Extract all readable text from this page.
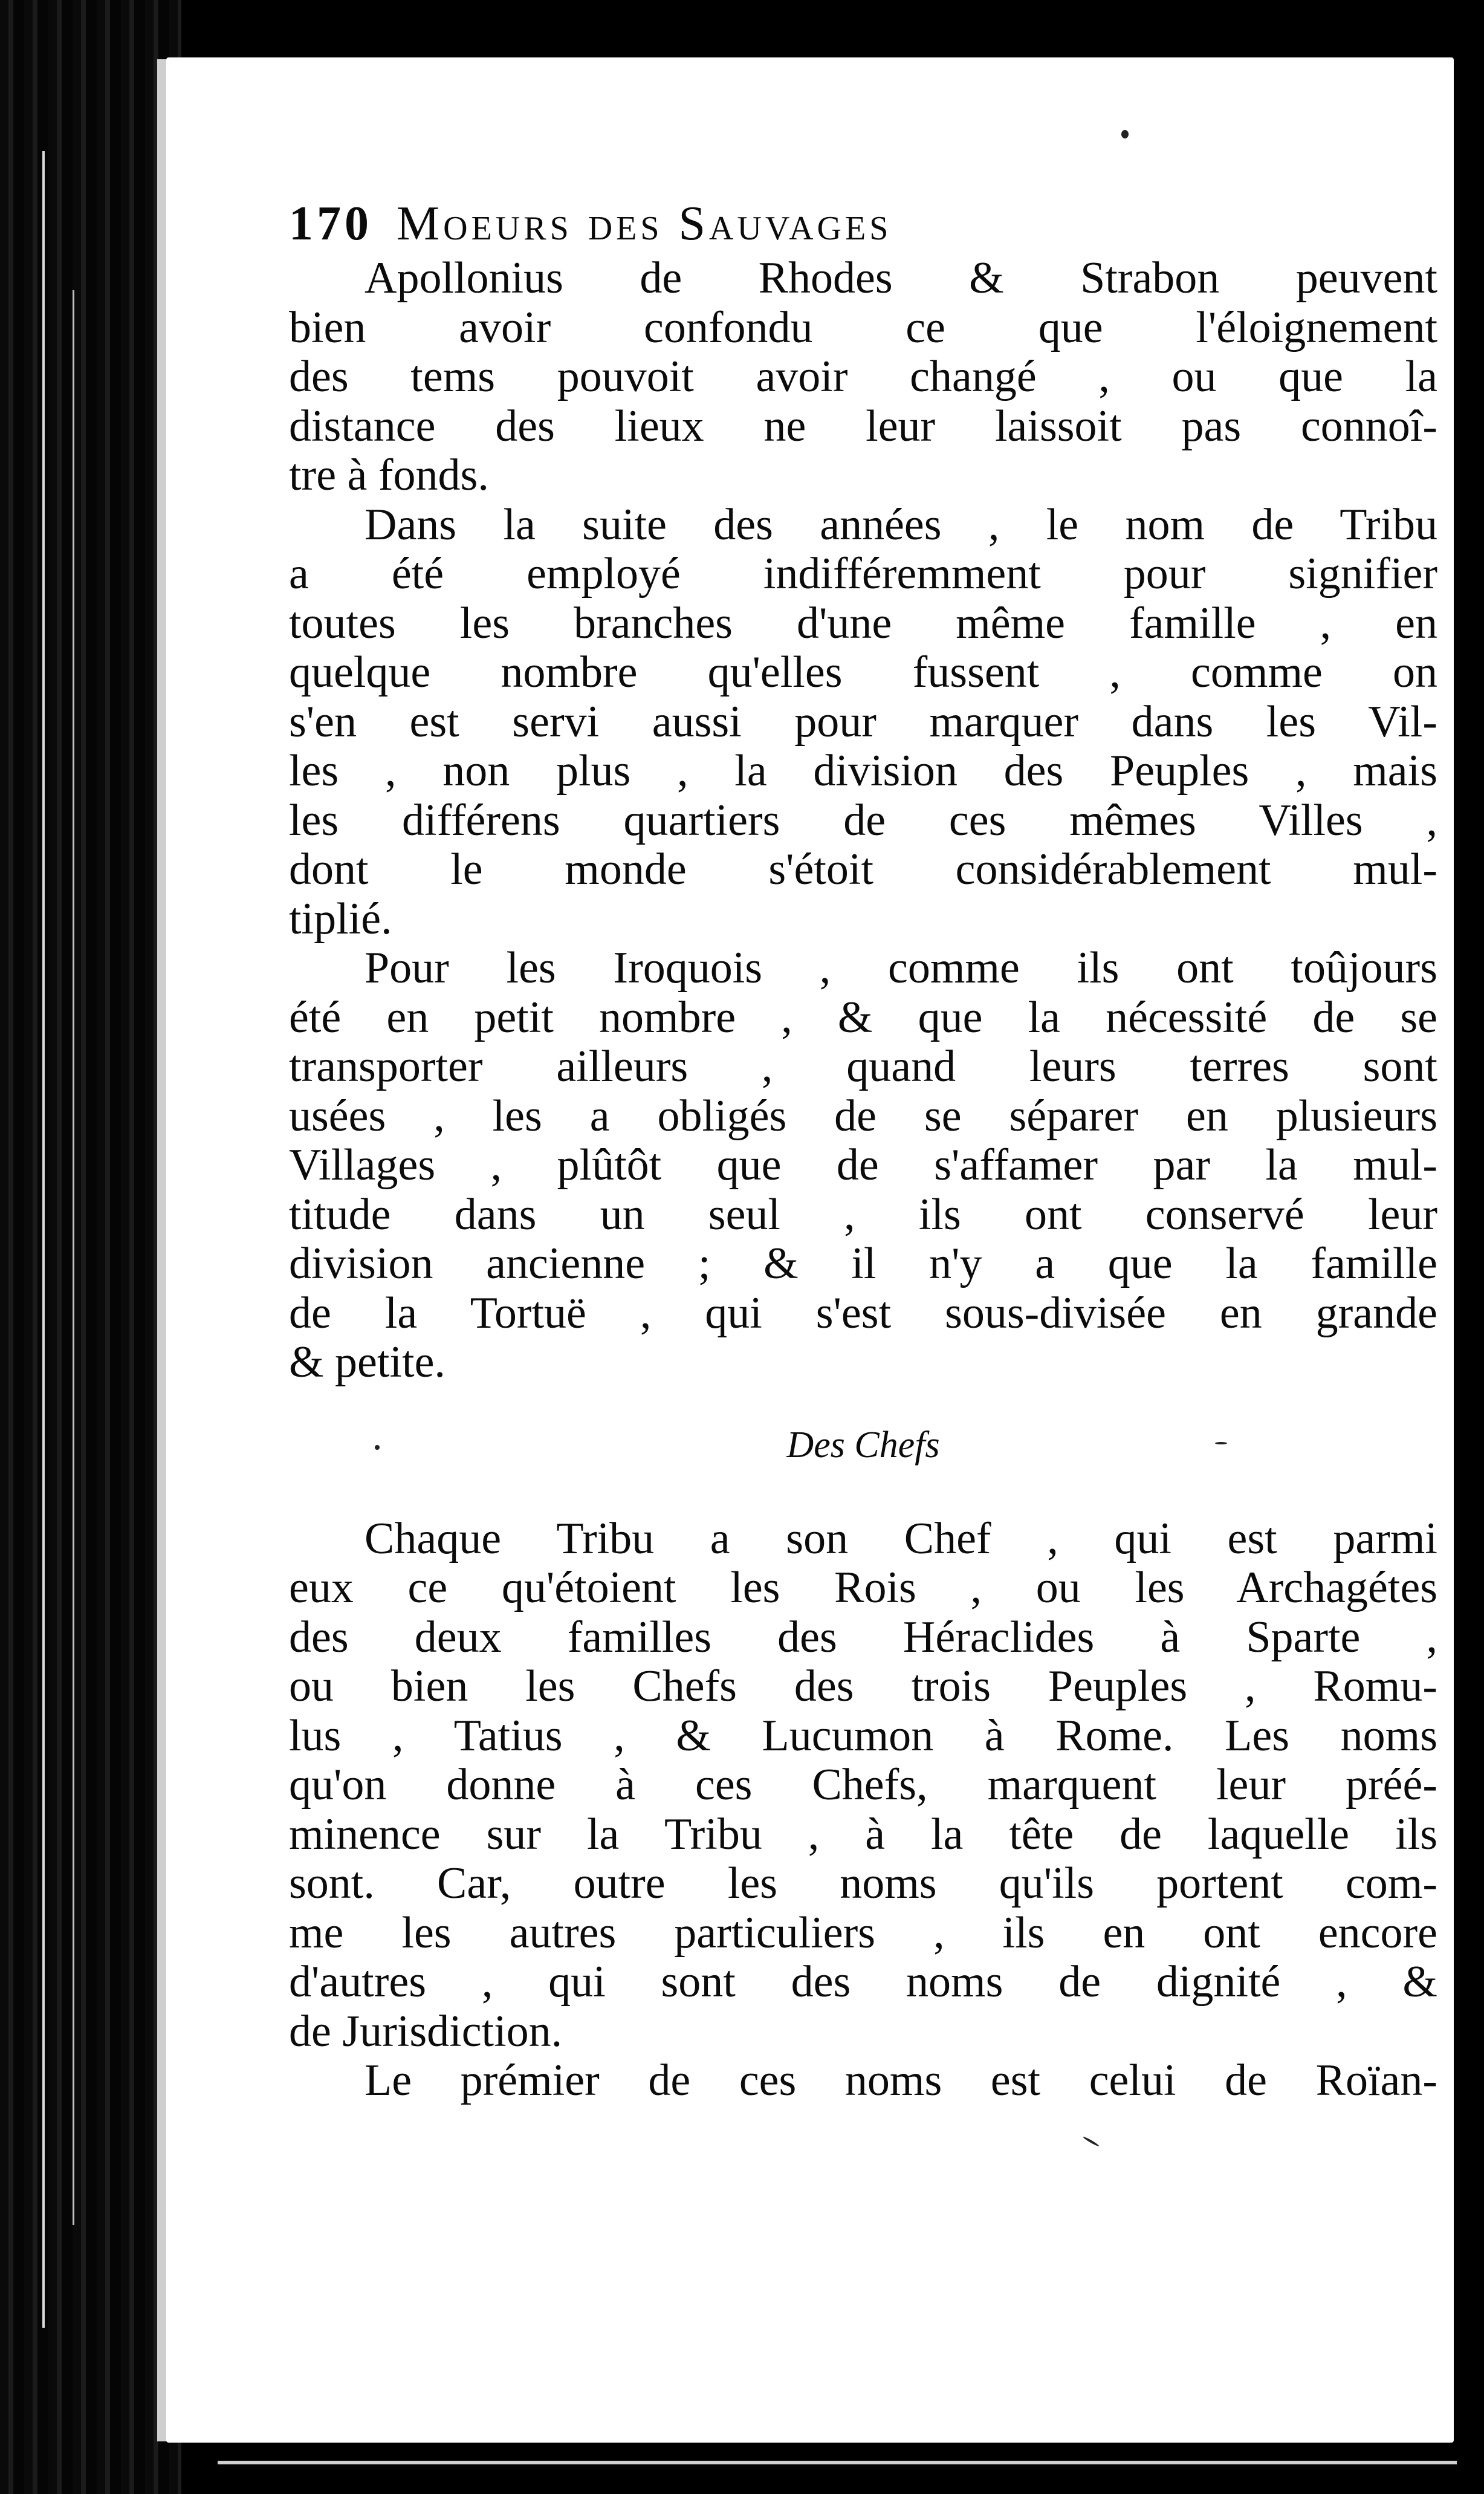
170 Moeurs des Sauvages
Apollonius de Rhodes & Strabon peuvent
bien avoir confondu ce que l'éloignement
des tems pouvoit avoir changé , ou que la
distance des lieux ne leur laissoit pas connoî-
tre à fonds.
Dans la suite des années , le nom de Tribu
a été employé indifféremment pour signifier
toutes les branches d'une même famille , en
quelque nombre qu'elles fussent , comme on
s'en est servi aussi pour marquer dans les Vil-
les , non plus , la division des Peuples , mais
les différens quartiers de ces mêmes Villes ,
dont le monde s'étoit considérablement mul-
tiplié.
Pour les Iroquois , comme ils ont toûjours
été en petit nombre , & que la nécessité de se
transporter ailleurs , quand leurs terres sont
usées , les a obligés de se séparer en plusieurs
Villages , plûtôt que de s'affamer par la mul-
titude dans un seul , ils ont conservé leur
division ancienne ; & il n'y a que la famille
de la Tortuë , qui s'est sous-divisée en grande
& petite.
Des Chefs
Chaque Tribu a son Chef , qui est parmi
eux ce qu'étoient les Rois , ou les Archagétes
des deux familles des Héraclides à Sparte ,
ou bien les Chefs des trois Peuples , Romu-
lus , Tatius , & Lucumon à Rome. Les noms
qu'on donne à ces Chefs, marquent leur préé-
minence sur la Tribu , à la tête de laquelle ils
sont. Car, outre les noms qu'ils portent com-
me les autres particuliers , ils en ont encore
d'autres , qui sont des noms de dignité , &
de Jurisdiction.
Le prémier de ces noms est celui de Roïan-
